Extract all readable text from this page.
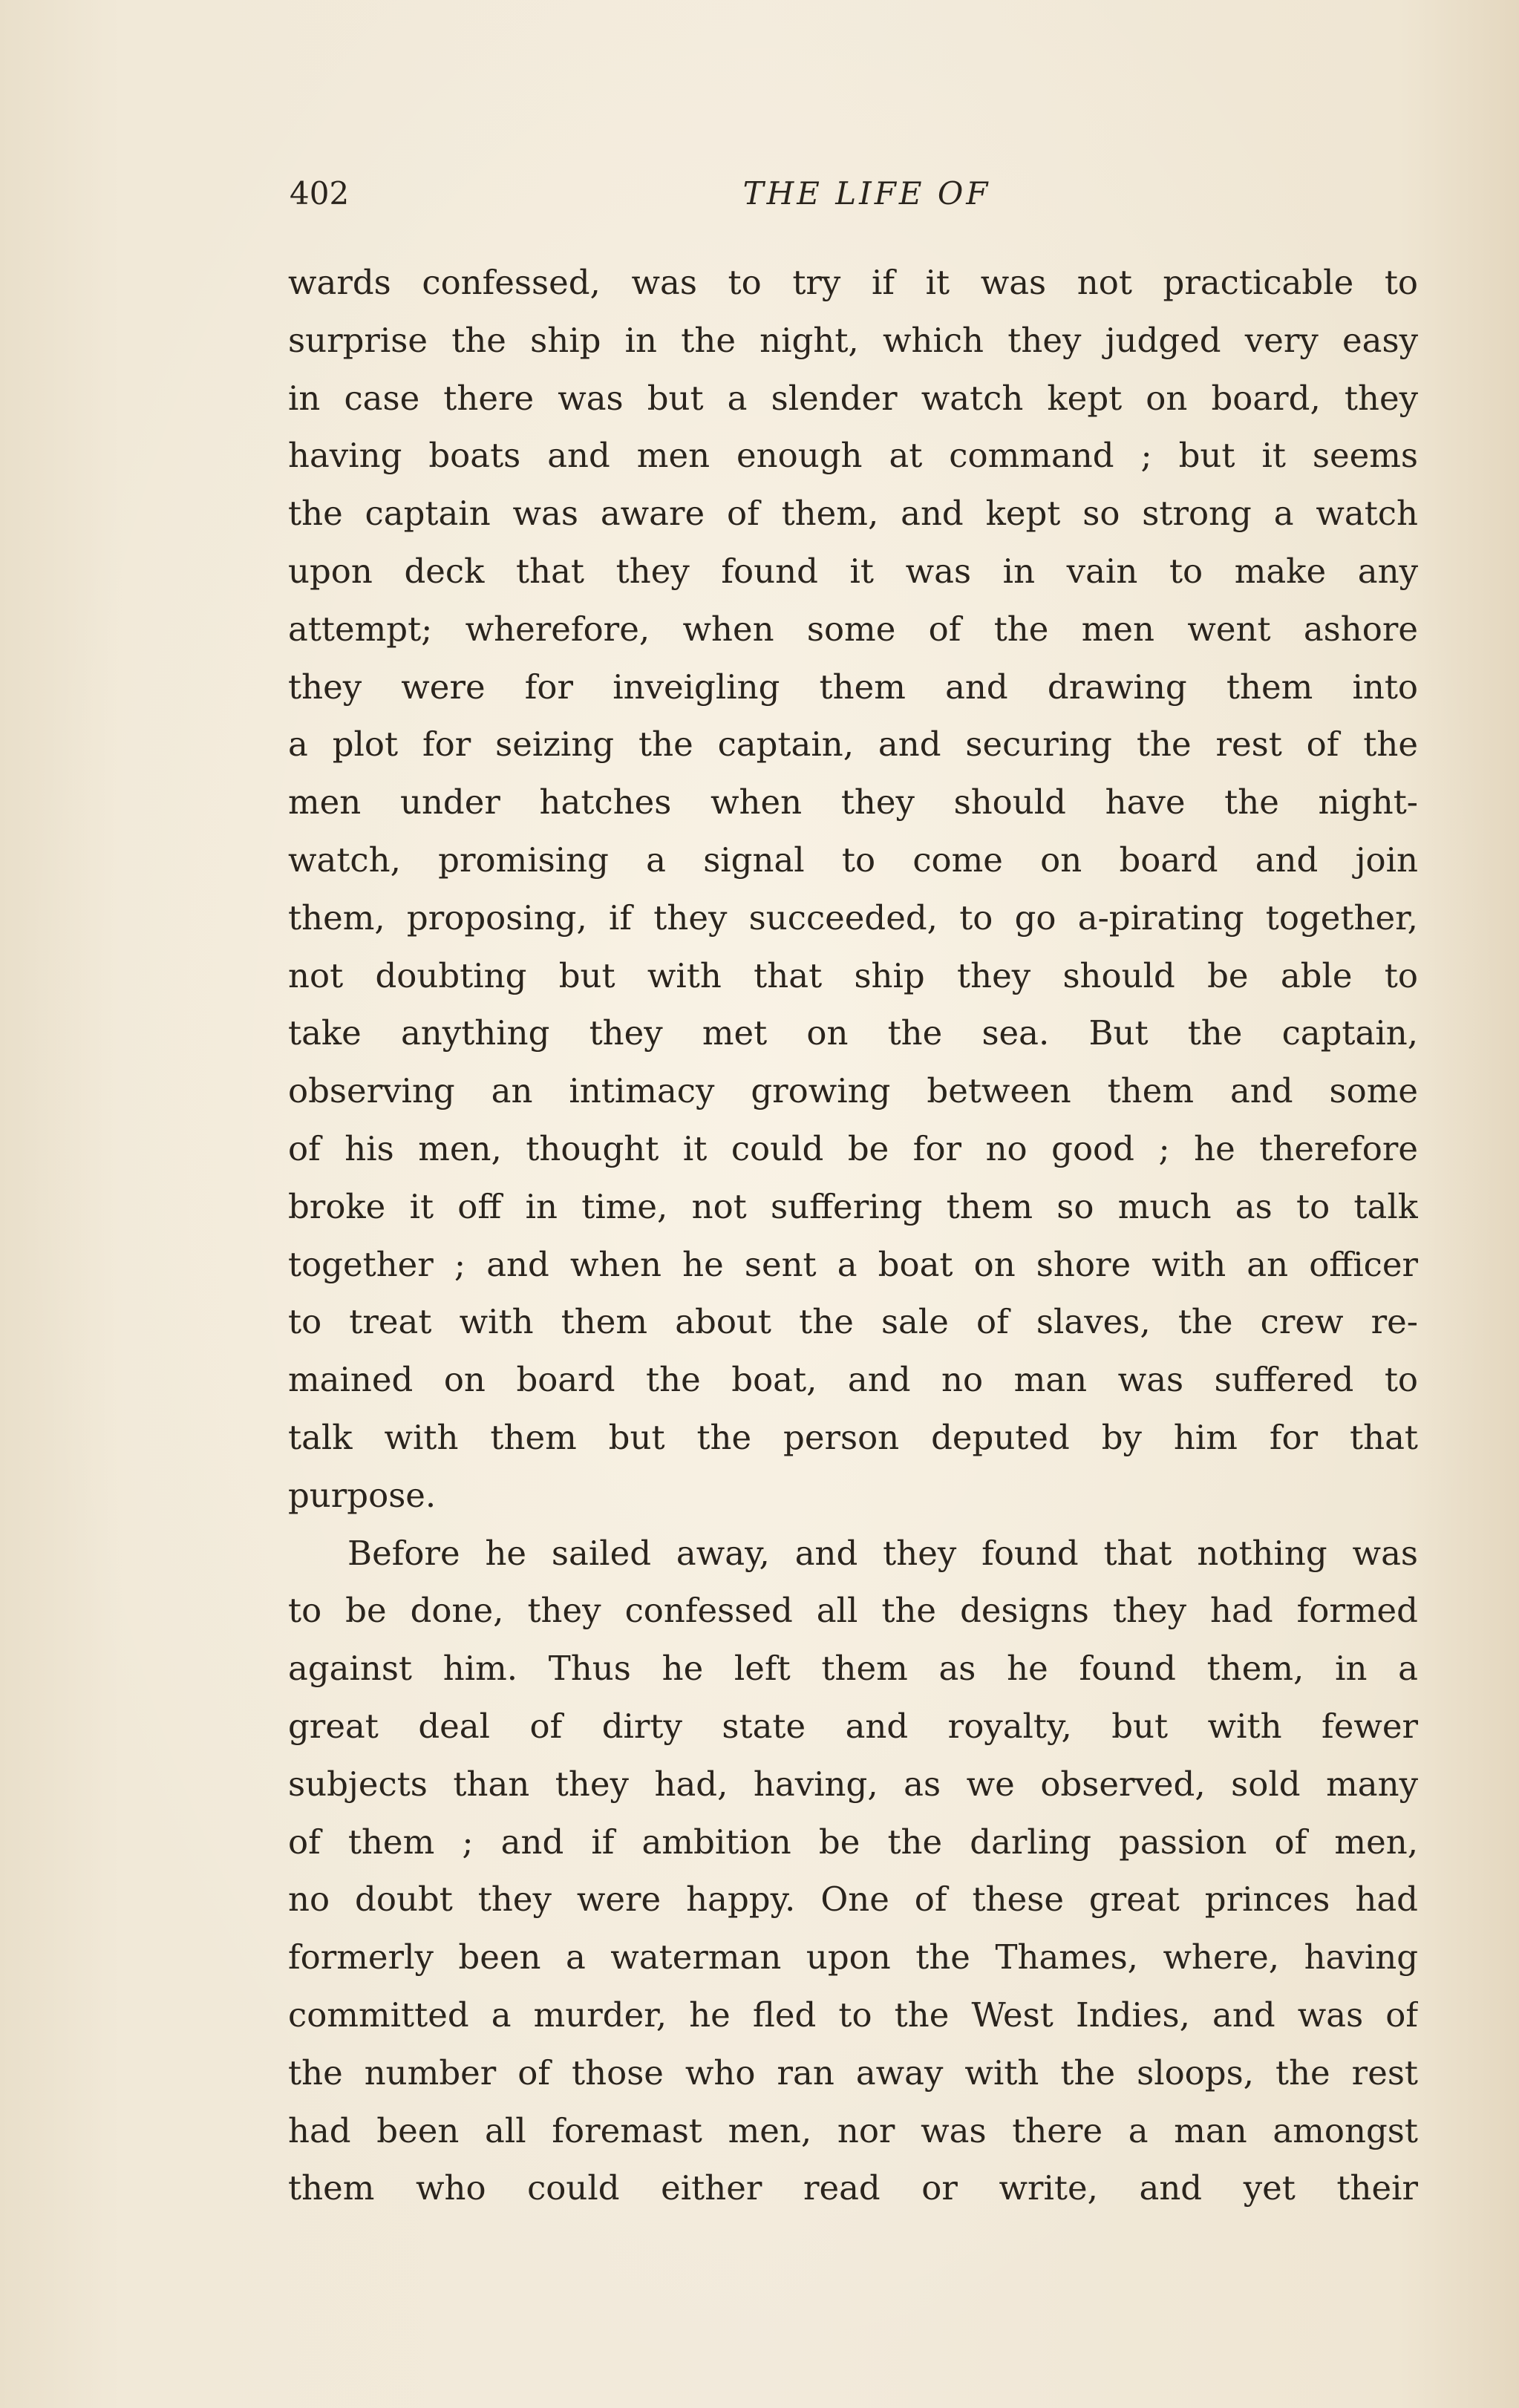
402	THE LIFE OF
wards confessed, was to try if it was not practicable to
surprise the ship in the night, which they judged very easy
in case there was but a slender watch kept on board, they
having boats and men enough at command ; but it seems
the captain was aware of them, and kept so strong a watch
upon deck that they found it was in vain to make any
attempt; wherefore, when some of the men went ashore
they were for inveigling them and drawing them into
a plot for seizing the captain, and securing the rest of the
men under hatches when they should have the night-
watch, promising a signal to come on board and join
them, proposing, if they succeeded, to go a-pirating together,
not doubting but with that ship they should be able to
take anything they met on the sea. But the captain,
observing an intimacy growing between them and some
of his men, thought it could be for no good ; he therefore
broke it off in time, not suffering them so much as to talk
together ; and when he sent a boat on shore with an officer
to treat with them about the sale of slaves, the crew re-
mained on board the boat, and no man was suffered to
talk with them but the person deputed by him for that
purpose.
Before he sailed away, and they found that nothing was
to be done, they confessed all the designs they had formed
against him. Thus he left them as he found them, in a
great deal of dirty state and royalty, but with fewer
subjects than they had, having, as we observed, sold many
of them ; and if ambition be the darling passion of men,
no doubt they were happy. One of these great princes had
formerly been a waterman upon the Thames, where, having
committed a murder, he fled to the West Indies, and was of
the number of those who ran away with the sloops, the rest
had been all foremast men, nor was there a man amongst
them who could either read or write, and yet their
